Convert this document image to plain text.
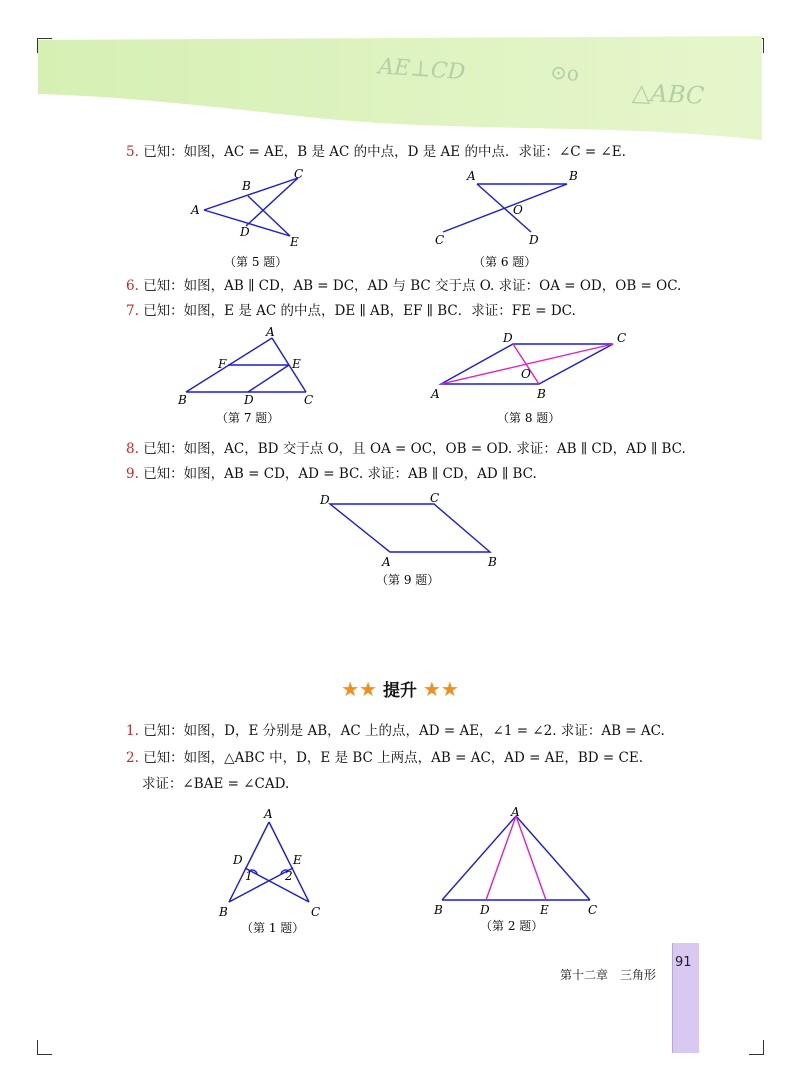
AE⊥CD	⊙o
△ABC
5. 已知：如图，AC = AE，B 是 AC 的中点，D 是 AE 的中点．求证：∠C = ∠E.
A
B
C
D
E
（第 5 题）
A	B
O
C	D
（第 6 题）
6. 已知：如图，AB ∥ CD，AB = DC，AD 与 BC 交于点 O. 求证：OA = OD，OB = OC.
7. 已知：如图，E 是 AC 的中点，DE ∥ AB，EF ∥ BC．求证：FE = DC.
A
F	E
B	D	C
（第 7 题）
D	C
O
A	B
（第 8 题）
8. 已知：如图，AC，BD 交于点 O，且 OA = OC，OB = OD. 求证：AB ∥ CD，AD ∥ BC.
9. 已知：如图，AB = CD，AD = BC. 求证：AB ∥ CD，AD ∥ BC.
D	C
A	B
（第 9 题）
★★ 提升 ★★
1. 已知：如图，D，E 分别是 AB，AC 上的点，AD = AE，∠1 = ∠2. 求证：AB = AC.
2. 已知：如图，△ABC 中，D，E 是 BC 上两点，AB = AC，AD = AE，BD = CE.
求证：∠BAE = ∠CAD.
A
D	E
1	2
B	C
（第 1 题）
A
B	D	E	C
（第 2 题）
91
第十二章　三角形
